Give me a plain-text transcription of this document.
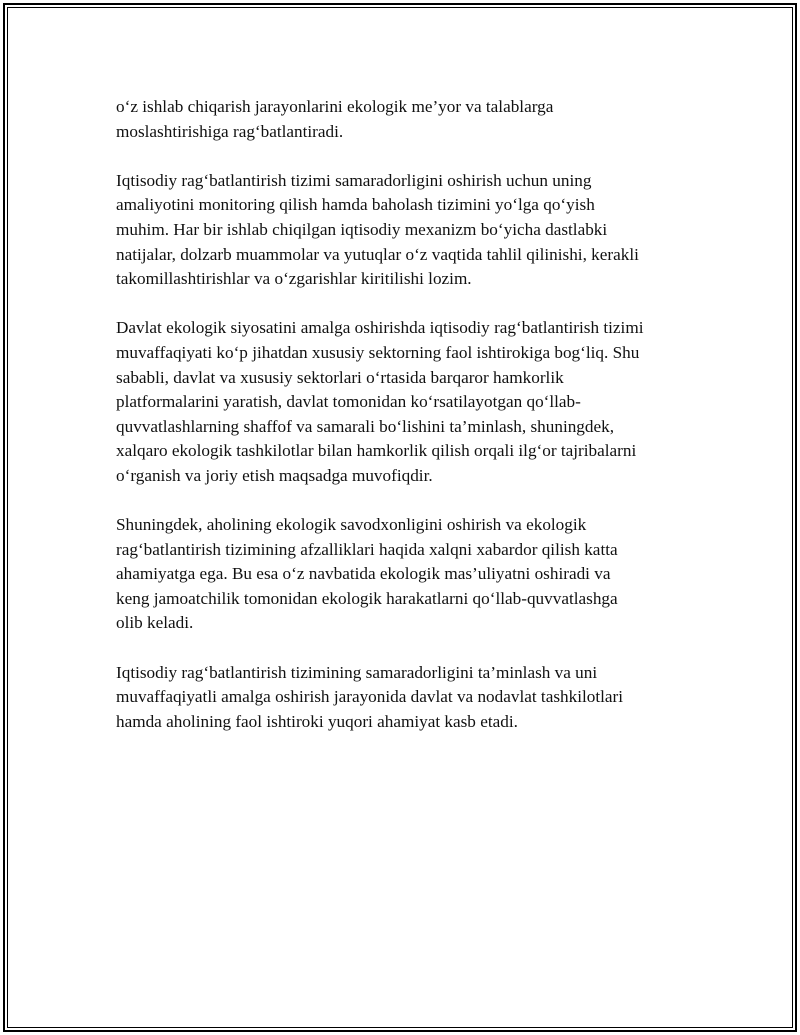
o‘z ishlab chiqarish jarayonlarini ekologik me’yor va talablarga
moslashtirishiga rag‘batlantiradi.

Iqtisodiy rag‘batlantirish tizimi samaradorligini oshirish uchun uning
amaliyotini monitoring qilish hamda baholash tizimini yo‘lga qo‘yish
muhim. Har bir ishlab chiqilgan iqtisodiy mexanizm bo‘yicha dastlabki
natijalar, dolzarb muammolar va yutuqlar o‘z vaqtida tahlil qilinishi, kerakli
takomillashtirishlar va o‘zgarishlar kiritilishi lozim.

Davlat ekologik siyosatini amalga oshirishda iqtisodiy rag‘batlantirish tizimi
muvaffaqiyati ko‘p jihatdan xususiy sektorning faol ishtirokiga bog‘liq. Shu
sababli, davlat va xususiy sektorlari o‘rtasida barqaror hamkorlik
platformalarini yaratish, davlat tomonidan ko‘rsatilayotgan qo‘llab-
quvvatlashlarning shaffof va samarali bo‘lishini ta’minlash, shuningdek,
xalqaro ekologik tashkilotlar bilan hamkorlik qilish orqali ilg‘or tajribalarni
o‘rganish va joriy etish maqsadga muvofiqdir.

Shuningdek, aholining ekologik savodxonligini oshirish va ekologik
rag‘batlantirish tizimining afzalliklari haqida xalqni xabardor qilish katta
ahamiyatga ega. Bu esa o‘z navbatida ekologik mas’uliyatni oshiradi va
keng jamoatchilik tomonidan ekologik harakatlarni qo‘llab-quvvatlashga
olib keladi.

Iqtisodiy rag‘batlantirish tizimining samaradorligini ta’minlash va uni
muvaffaqiyatli amalga oshirish jarayonida davlat va nodavlat tashkilotlari
hamda aholining faol ishtiroki yuqori ahamiyat kasb etadi.
